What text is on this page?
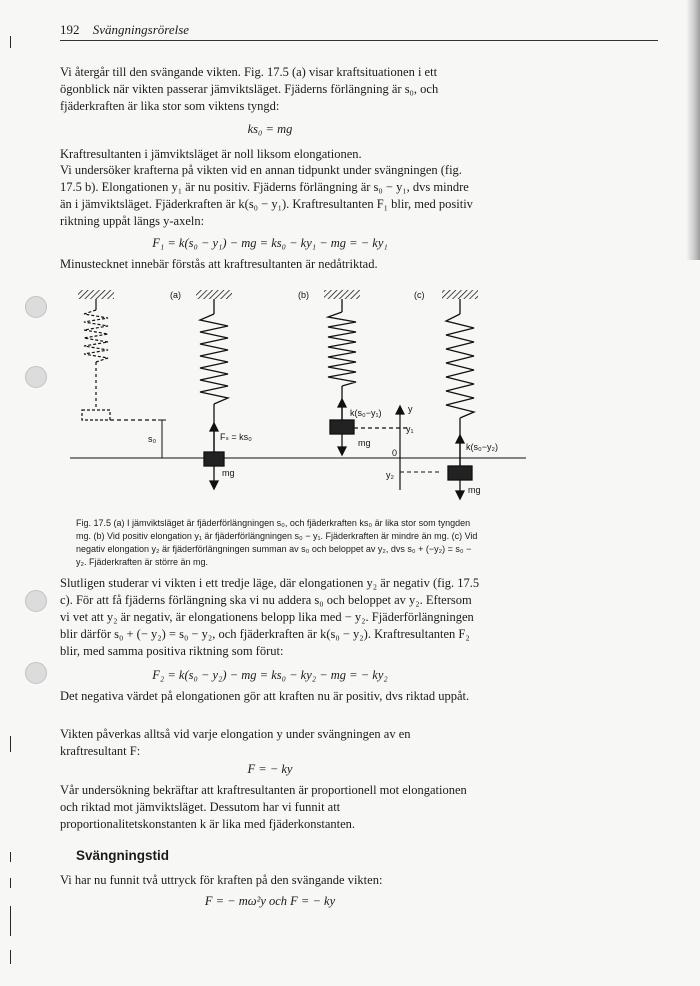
192 Svängningsrörelse

Vi återgår till den svängande vikten. Fig. 17.5 (a) visar kraftsituationen i ett ögonblick när vikten passerar jämviktsläget. Fjäderns förlängning är s₀, och fjäderkraften är lika stor som viktens tyngd:

ks₀ = mg

Kraftresultanten i jämviktsläget är noll liksom elongationen.

Vi undersöker krafterna på vikten vid en annan tidpunkt under svängningen (fig. 17.5 b). Elongationen y₁ är nu positiv. Fjäderns förlängning är s₀ − y₁, dvs mindre än i jämviktsläget. Fjäderkraften är k(s₀ − y₁). Kraftresultanten F₁ blir, med positiv riktning uppåt längs y-axeln:

F₁ = k(s₀ − y₁) − mg = ks₀ − ky₁ − mg = − ky₁

Minustecknet innebär förstås att kraftresultanten är nedåtriktad.

s₀
(a)
Fₛ = ks₀
mg
(b)
k(s₀−y₁)
mg
y
y₁
0
y₂
(c)
k(s₀−y₂)
mg

Fig. 17.5 (a) I jämviktsläget är fjäderförlängningen s₀, och fjäderkraften ks₀ är lika stor som tyngden mg. (b) Vid positiv elongation y₁ är fjäderförlängningen s₀ − y₁. Fjäderkraften är mindre än mg. (c) Vid negativ elongation y₂ är fjäderförlängningen summan av s₀ och beloppet av y₂, dvs s₀ + (−y₂) = s₀ − y₂. Fjäderkraften är större än mg.

Slutligen studerar vi vikten i ett tredje läge, där elongationen y₂ är negativ (fig. 17.5 c). För att få fjäderns förlängning ska vi nu addera s₀ och beloppet av y₂. Eftersom vi vet att y₂ är negativ, är elongationens belopp lika med − y₂. Fjäderförlängningen blir därför s₀ + (− y₂) = s₀ − y₂, och fjäderkraften är k(s₀ − y₂). Kraftresultanten F₂ blir, med samma positiva riktning som förut:

F₂ = k(s₀ − y₂) − mg = ks₀ − ky₂ − mg = − ky₂

Det negativa värdet på elongationen gör att kraften nu är positiv, dvs riktad uppåt.

Vikten påverkas alltså vid varje elongation y under svängningen av en kraftresultant F:

F = − ky

Vår undersökning bekräftar att kraftresultanten är proportionell mot elongationen och riktad mot jämviktsläget. Dessutom har vi funnit att proportionalitetskonstanten k är lika med fjäderkonstanten.

Svängningstid

Vi har nu funnit två uttryck för kraften på den svängande vikten:

F = − mω²y och F = − ky
